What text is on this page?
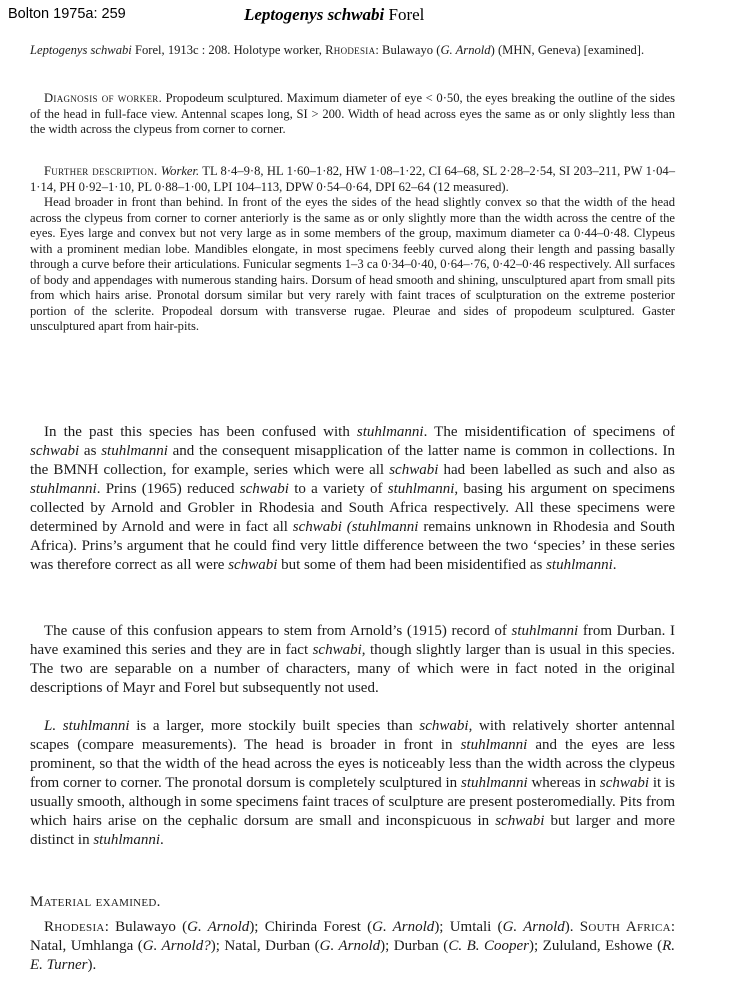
Bolton 1975a: 259	Leptogenys schwabi Forel

Leptogenys schwabi Forel, 1913c : 208. Holotype worker, Rhodesia: Bulawayo (G. Arnold) (MHN, Geneva) [examined].

Diagnosis of worker. Propodeum sculptured. Maximum diameter of eye < 0·50, the eyes breaking the outline of the sides of the head in full-face view. Antennal scapes long, SI > 200. Width of head across eyes the same as or only slightly less than the width across the clypeus from corner to corner.

Further description. Worker. TL 8·4–9·8, HL 1·60–1·82, HW 1·08–1·22, CI 64–68, SL 2·28–2·54, SI 203–211, PW 1·04–1·14, PH 0·92–1·10, PL 0·88–1·00, LPI 104–113, DPW 0·54–0·64, DPI 62–64 (12 measured).

Head broader in front than behind. In front of the eyes the sides of the head slightly convex so that the width of the head across the clypeus from corner to corner anteriorly is the same as or only slightly more than the width across the centre of the eyes. Eyes large and convex but not very large as in some members of the group, maximum diameter ca 0·44–0·48. Clypeus with a prominent median lobe. Mandibles elongate, in most specimens feebly curved along their length and passing basally through a curve before their articulations. Funicular segments 1–3 ca 0·34–0·40, 0·64–·76, 0·42–0·46 respectively. All surfaces of body and appendages with numerous standing hairs. Dorsum of head smooth and shining, unsculptured apart from small pits from which hairs arise. Pronotal dorsum similar but very rarely with faint traces of sculpturation on the extreme posterior portion of the sclerite. Propodeal dorsum with transverse rugae. Pleurae and sides of propodeum sculptured. Gaster unsculptured apart from hair-pits.

In the past this species has been confused with stuhlmanni. The misidentification of specimens of schwabi as stuhlmanni and the consequent misapplication of the latter name is common in collections. In the BMNH collection, for example, series which were all schwabi had been labelled as such and also as stuhlmanni. Prins (1965) reduced schwabi to a variety of stuhlmanni, basing his argument on specimens collected by Arnold and Grobler in Rhodesia and South Africa respectively. All these specimens were determined by Arnold and were in fact all schwabi (stuhlmanni remains unknown in Rhodesia and South Africa). Prins’s argument that he could find very little difference between the two ‘species’ in these series was therefore correct as all were schwabi but some of them had been misidentified as stuhlmanni.

The cause of this confusion appears to stem from Arnold’s (1915) record of stuhlmanni from Durban. I have examined this series and they are in fact schwabi, though slightly larger than is usual in this species. The two are separable on a number of characters, many of which were in fact noted in the original descriptions of Mayr and Forel but subsequently not used.

L. stuhlmanni is a larger, more stockily built species than schwabi, with relatively shorter antennal scapes (compare measurements). The head is broader in front in stuhlmanni and the eyes are less prominent, so that the width of the head across the eyes is noticeably less than the width across the clypeus from corner to corner. The pronotal dorsum is completely sculptured in stuhlmanni whereas in schwabi it is usually smooth, although in some specimens faint traces of sculpture are present posteromedially. Pits from which hairs arise on the cephalic dorsum are small and inconspicuous in schwabi but larger and more distinct in stuhlmanni.

Material examined.

Rhodesia: Bulawayo (G. Arnold); Chirinda Forest (G. Arnold); Umtali (G. Arnold). South Africa: Natal, Umhlanga (G. Arnold?); Natal, Durban (G. Arnold); Durban (C. B. Cooper); Zululand, Eshowe (R. E. Turner).
